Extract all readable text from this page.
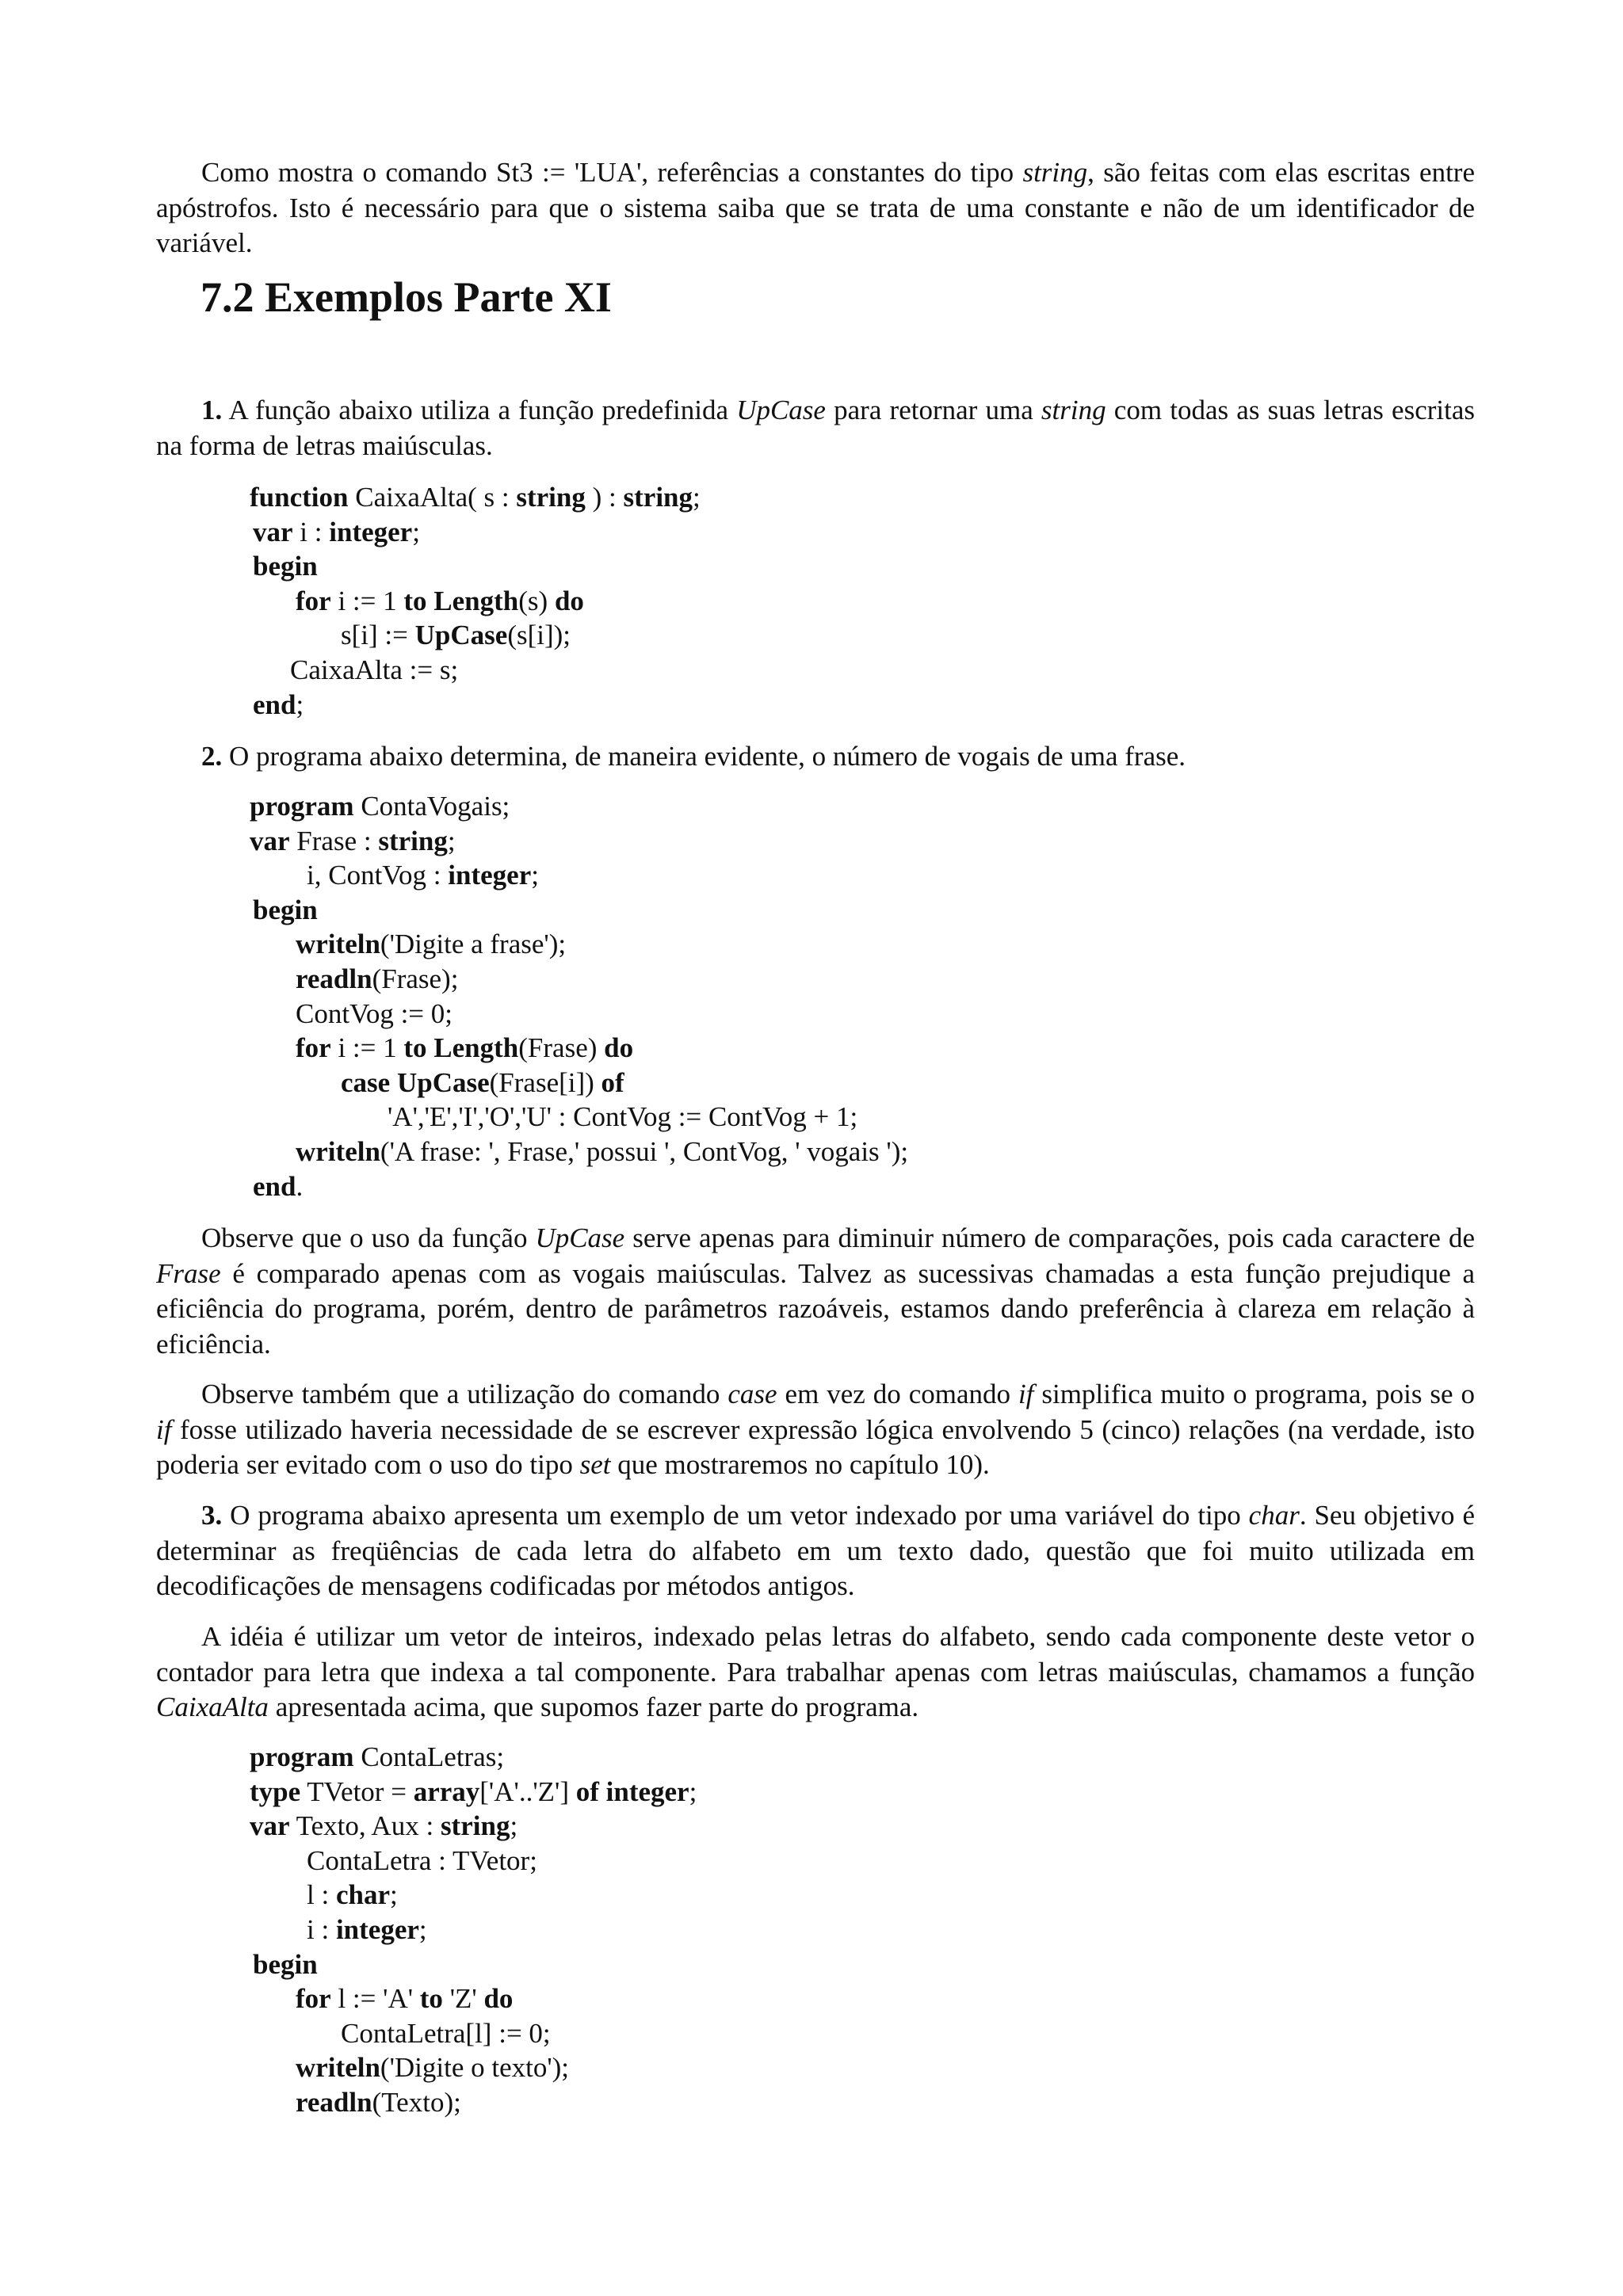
Como mostra o comando St3 := 'LUA', referências a constantes do tipo string, são feitas com elas escritas entre apóstrofos. Isto é necessário para que o sistema saiba que se trata de uma constante e não de um identificador de variável.

7.2 Exemplos Parte XI

1. A função abaixo utiliza a função predefinida UpCase para retornar uma string com todas as suas letras escritas na forma de letras maiúsculas.

function CaixaAlta( s : string ) : string;
var i : integer;
begin
for i := 1 to Length(s) do
s[i] := UpCase(s[i]);
CaixaAlta := s;
end;

2. O programa abaixo determina, de maneira evidente, o número de vogais de uma frase.

program ContaVogais;
var Frase : string;
i, ContVog : integer;
begin
writeln('Digite a frase');
readln(Frase);
ContVog := 0;
for i := 1 to Length(Frase) do
case UpCase(Frase[i]) of
'A','E','I','O','U' : ContVog := ContVog + 1;
writeln('A frase: ', Frase,' possui ', ContVog, ' vogais ');
end.

Observe que o uso da função UpCase serve apenas para diminuir número de comparações, pois cada caractere de Frase é comparado apenas com as vogais maiúsculas. Talvez as sucessivas chamadas a esta função prejudique a eficiência do programa, porém, dentro de parâmetros razoáveis, estamos dando preferência à clareza em relação à eficiência.

Observe também que a utilização do comando case em vez do comando if simplifica muito o programa, pois se o if fosse utilizado haveria necessidade de se escrever expressão lógica envolvendo 5 (cinco) relações (na verdade, isto poderia ser evitado com o uso do tipo set que mostraremos no capítulo 10).

3. O programa abaixo apresenta um exemplo de um vetor indexado por uma variável do tipo char. Seu objetivo é determinar as freqüências de cada letra do alfabeto em um texto dado, questão que foi muito utilizada em decodificações de mensagens codificadas por métodos antigos.

A idéia é utilizar um vetor de inteiros, indexado pelas letras do alfabeto, sendo cada componente deste vetor o contador para letra que indexa a tal componente. Para trabalhar apenas com letras maiúsculas, chamamos a função CaixaAlta apresentada acima, que supomos fazer parte do programa.

program ContaLetras;
type TVetor = array['A'..'Z'] of integer;
var Texto, Aux : string;
ContaLetra : TVetor;
l : char;
i : integer;
begin
for l := 'A' to 'Z' do
ContaLetra[l] := 0;
writeln('Digite o texto');
readln(Texto);
